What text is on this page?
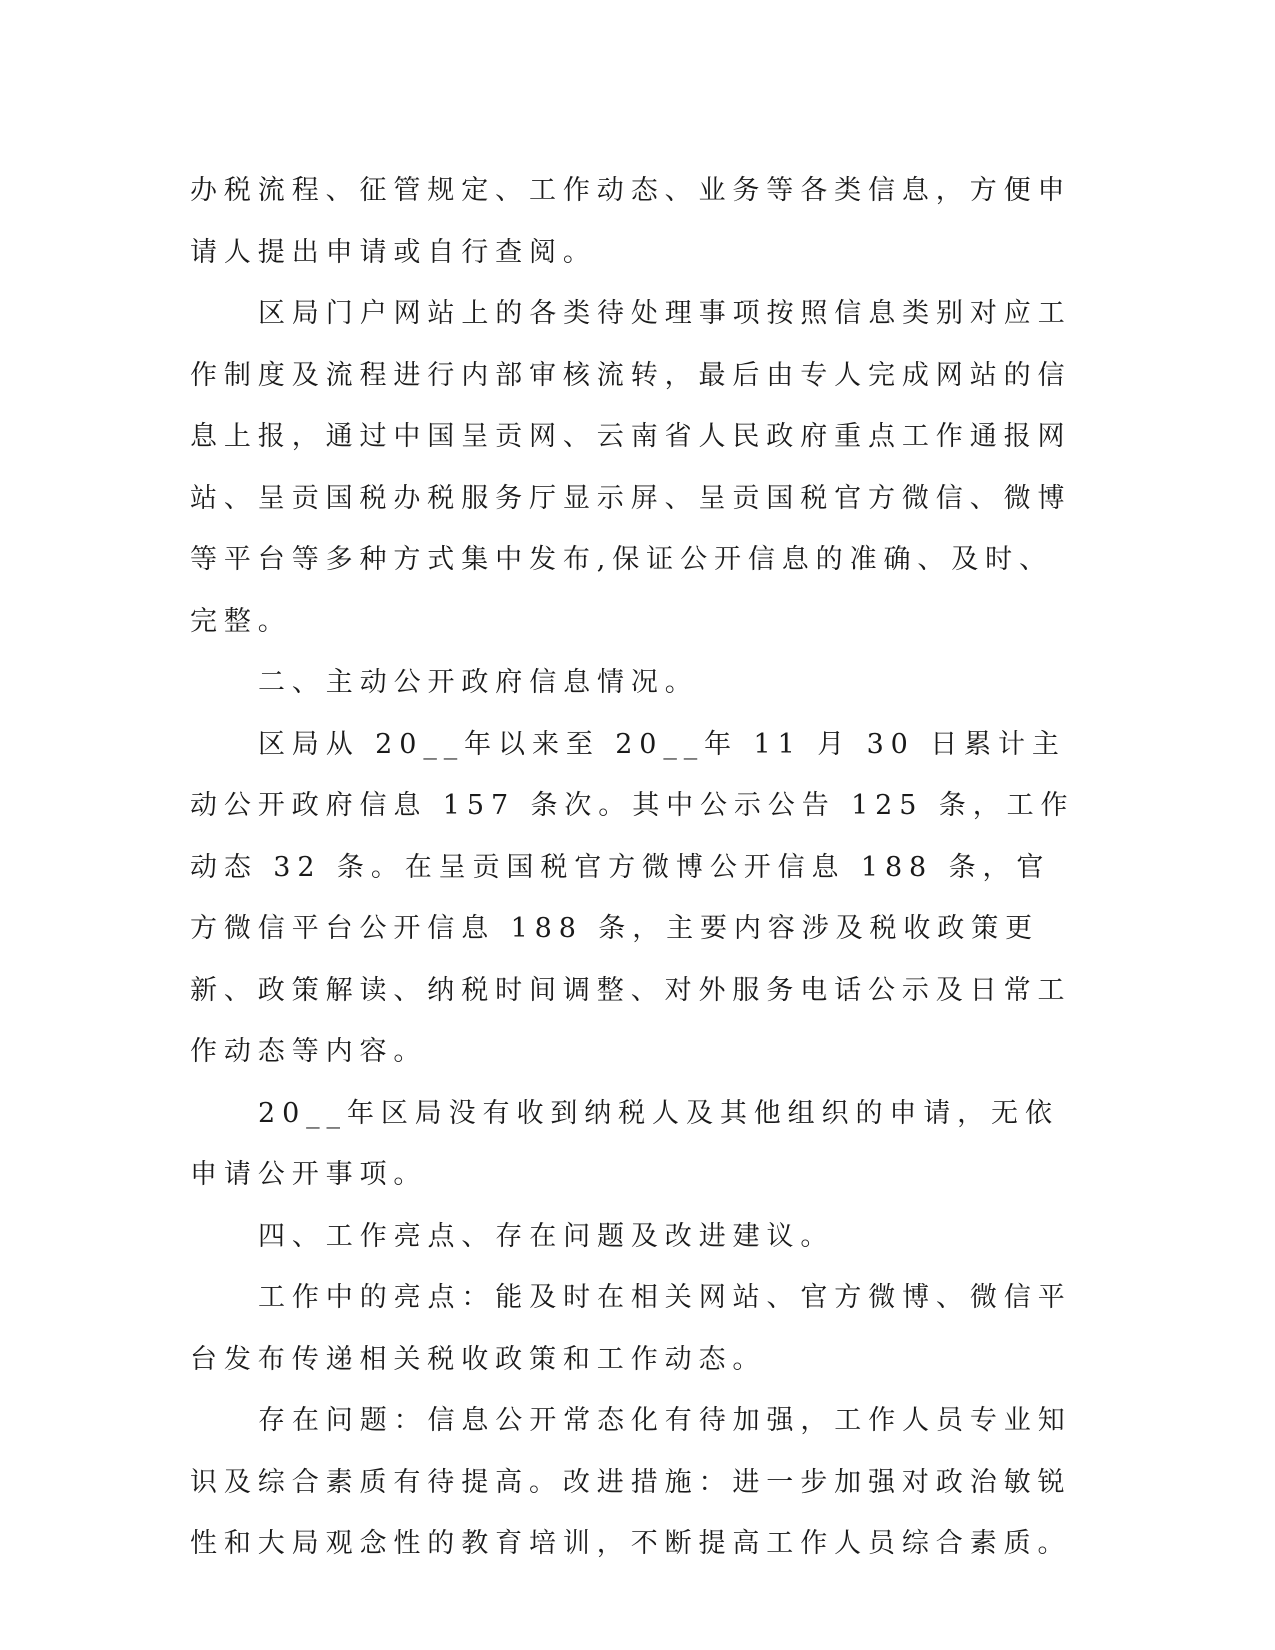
办税流程、征管规定、工作动态、业务等各类信息，方便申请人提出申请或自行查阅。

区局门户网站上的各类待处理事项按照信息类别对应工作制度及流程进行内部审核流转，最后由专人完成网站的信息上报，通过中国呈贡网、云南省人民政府重点工作通报网站、呈贡国税办税服务厅显示屏、呈贡国税官方微信、微博等平台等多种方式集中发布,保证公开信息的准确、及时、完整。

二、主动公开政府信息情况。

区局从 20__年以来至 20__年 11 月 30 日累计主动公开政府信息 157 条次。其中公示公告 125 条，工作动态 32 条。在呈贡国税官方微博公开信息 188 条，官方微信平台公开信息 188 条，主要内容涉及税收政策更新、政策解读、纳税时间调整、对外服务电话公示及日常工作动态等内容。

20__年区局没有收到纳税人及其他组织的申请，无依申请公开事项。

四、工作亮点、存在问题及改进建议。

工作中的亮点：能及时在相关网站、官方微博、微信平台发布传递相关税收政策和工作动态。

存在问题：信息公开常态化有待加强，工作人员专业知识及综合素质有待提高。改进措施：进一步加强对政治敏锐性和大局观念性的教育培训，不断提高工作人员综合素质。
